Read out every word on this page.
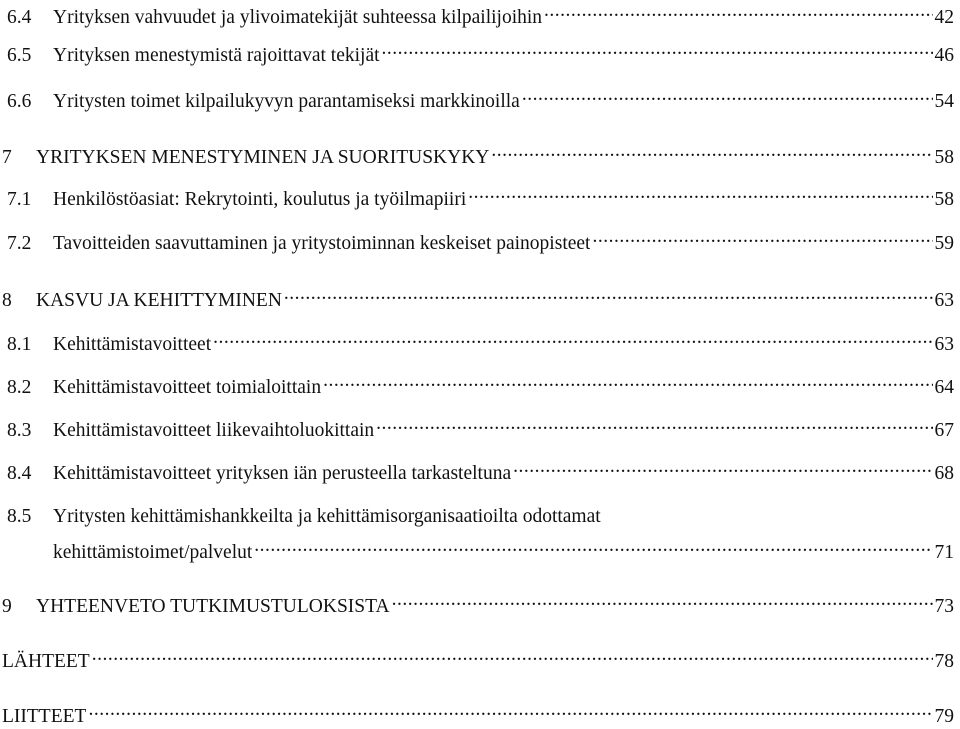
6.4	Yrityksen vahvuudet ja ylivoimatekijät suhteessa kilpailijoihin .....	42
6.5	Yrityksen menestymistä rajoittavat tekijät .....	46
6.6	Yritysten toimet kilpailukyvyn parantamiseksi markkinoilla .....	54
7	YRITYKSEN MENESTYMINEN JA SUORITUSKYKY .....	58
7.1	Henkilöstöasiat: Rekrytointi, koulutus ja työilmapiiri .....	58
7.2	Tavoitteiden saavuttaminen ja yritystoiminnan keskeiset painopisteet .....	59
8	KASVU JA KEHITTYMINEN .....	63
8.1	Kehittämistavoitteet .....	63
8.2	Kehittämistavoitteet toimialoittain .....	64
8.3	Kehittämistavoitteet liikevaihtoluokittain .....	67
8.4	Kehittämistavoitteet yrityksen iän perusteella tarkasteltuna .....	68
8.5	Yritysten kehittämishankkeilta ja kehittämisorganisaatioilta odottamat
kehittämistoimet/palvelut .....	71
9	YHTEENVETO TUTKIMUSTULOKSISTA .....	73
LÄHTEET .....	78
LIITTEET .....	79
